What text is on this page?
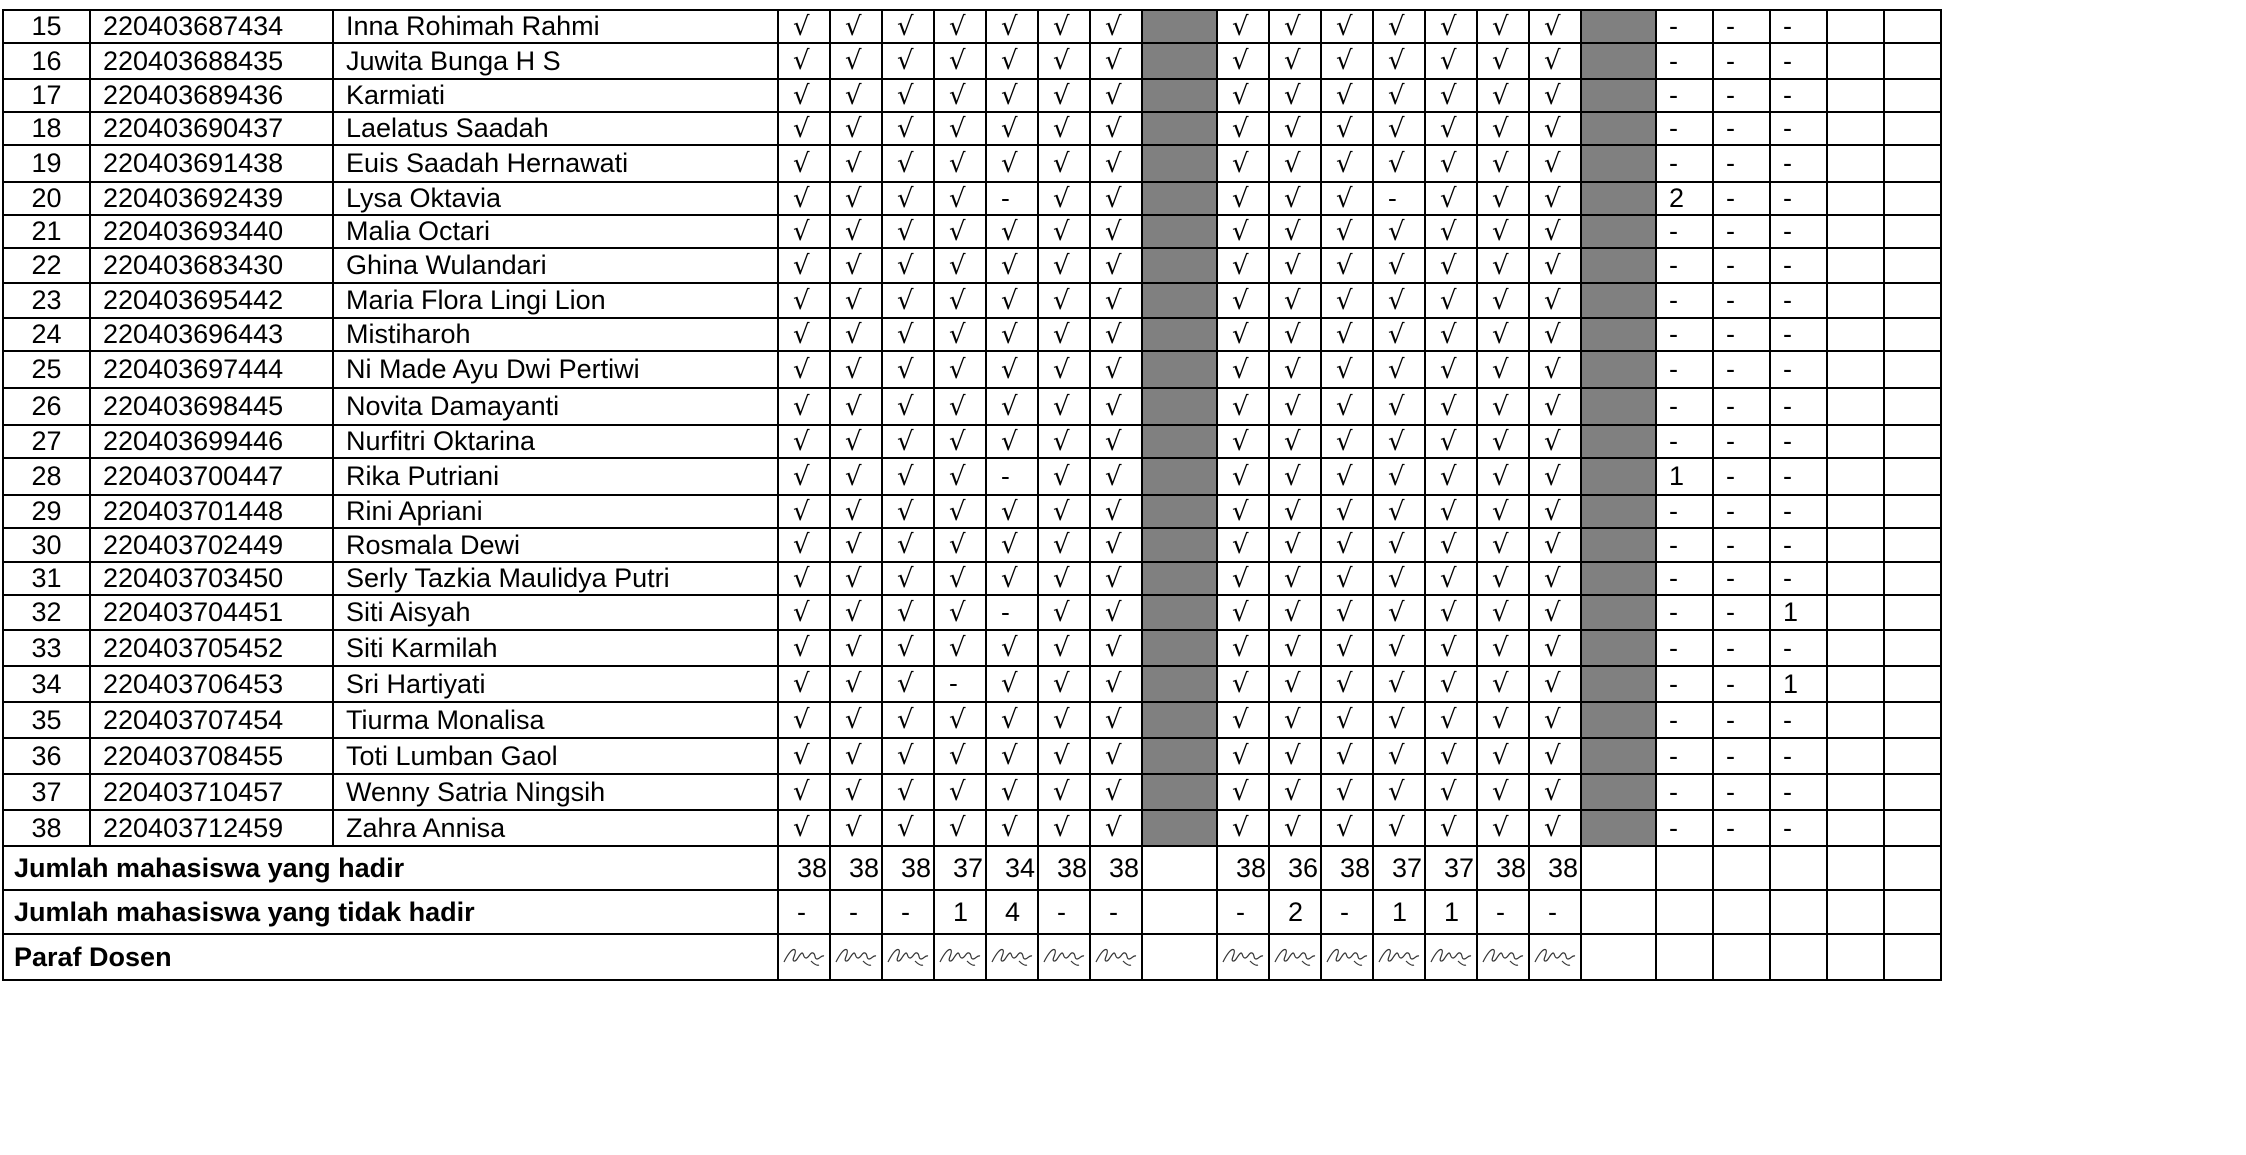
15	220403687434	Inna Rohimah Rahmi	√	√	√	√	√	√	√		√	√	√	√	√	√	√		-	-	-		
16	220403688435	Juwita Bunga H S	√	√	√	√	√	√	√		√	√	√	√	√	√	√		-	-	-		
17	220403689436	Karmiati	√	√	√	√	√	√	√		√	√	√	√	√	√	√		-	-	-		
18	220403690437	Laelatus Saadah	√	√	√	√	√	√	√		√	√	√	√	√	√	√		-	-	-		
19	220403691438	Euis Saadah Hernawati	√	√	√	√	√	√	√		√	√	√	√	√	√	√		-	-	-		
20	220403692439	Lysa Oktavia	√	√	√	√	-	√	√		√	√	√	-	√	√	√		2	-	-		
21	220403693440	Malia Octari	√	√	√	√	√	√	√		√	√	√	√	√	√	√		-	-	-		
22	220403683430	Ghina Wulandari	√	√	√	√	√	√	√		√	√	√	√	√	√	√		-	-	-		
23	220403695442	Maria Flora Lingi Lion	√	√	√	√	√	√	√		√	√	√	√	√	√	√		-	-	-		
24	220403696443	Mistiharoh	√	√	√	√	√	√	√		√	√	√	√	√	√	√		-	-	-		
25	220403697444	Ni Made Ayu Dwi Pertiwi	√	√	√	√	√	√	√		√	√	√	√	√	√	√		-	-	-		
26	220403698445	Novita Damayanti	√	√	√	√	√	√	√		√	√	√	√	√	√	√		-	-	-		
27	220403699446	Nurfitri Oktarina	√	√	√	√	√	√	√		√	√	√	√	√	√	√		-	-	-		
28	220403700447	Rika Putriani	√	√	√	√	-	√	√		√	√	√	√	√	√	√		1	-	-		
29	220403701448	Rini Apriani	√	√	√	√	√	√	√		√	√	√	√	√	√	√		-	-	-		
30	220403702449	Rosmala Dewi	√	√	√	√	√	√	√		√	√	√	√	√	√	√		-	-	-		
31	220403703450	Serly Tazkia Maulidya Putri	√	√	√	√	√	√	√		√	√	√	√	√	√	√		-	-	-		
32	220403704451	Siti Aisyah	√	√	√	√	-	√	√		√	√	√	√	√	√	√		-	-	1		
33	220403705452	Siti Karmilah	√	√	√	√	√	√	√		√	√	√	√	√	√	√		-	-	-		
34	220403706453	Sri Hartiyati	√	√	√	-	√	√	√		√	√	√	√	√	√	√		-	-	1		
35	220403707454	Tiurma Monalisa	√	√	√	√	√	√	√		√	√	√	√	√	√	√		-	-	-		
36	220403708455	Toti Lumban Gaol	√	√	√	√	√	√	√		√	√	√	√	√	√	√		-	-	-		
37	220403710457	Wenny Satria Ningsih	√	√	√	√	√	√	√		√	√	√	√	√	√	√		-	-	-		
38	220403712459	Zahra Annisa	√	√	√	√	√	√	√		√	√	√	√	√	√	√		-	-	-		
Jumlah mahasiswa yang hadir			38	38	38	37	34	38	38		38	36	38	37	37	38	38						
Jumlah mahasiswa yang tidak hadir			-	-	-	1	4	-	-		-	2	-	1	1	-	-						
Paraf Dosen	
